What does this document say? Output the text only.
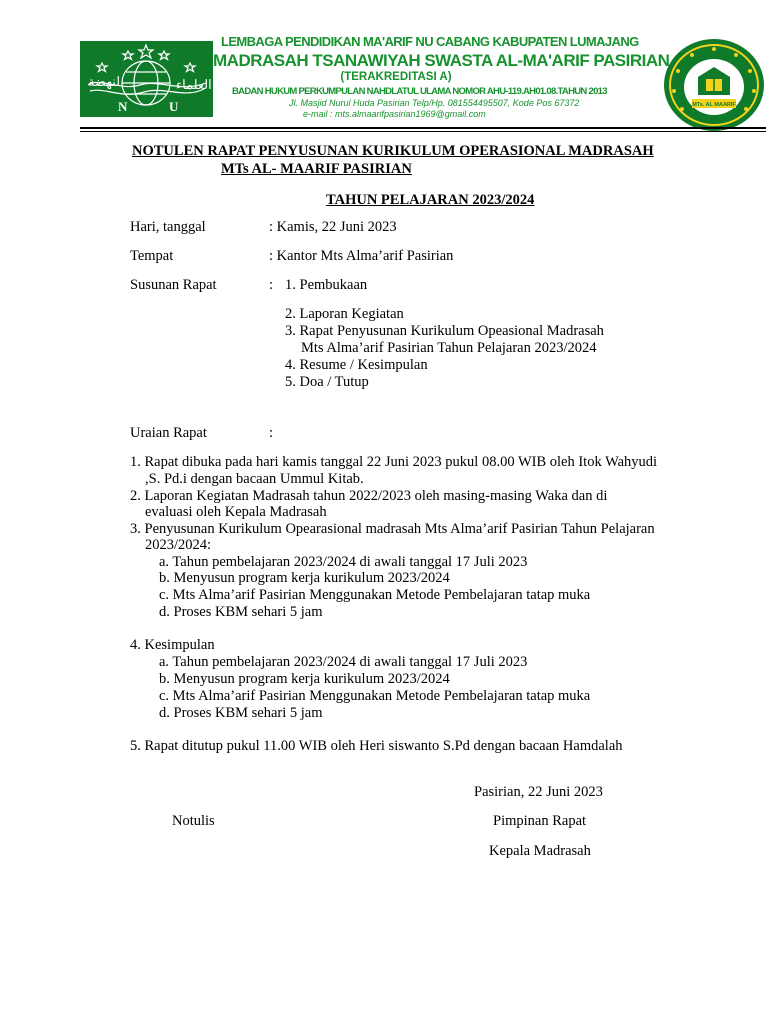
لنهضة	العلماء
N	U
LEMBAGA PENDIDIKAN MA'ARIF NU CABANG KABUPATEN LUMAJANG
MADRASAH TSANAWIYAH SWASTA AL-MA'ARIF PASIRIAN
(TERAKREDITASI A)
BADAN HUKUM PERKUMPULAN NAHDLATUL ULAMA NOMOR AHU-119.AH01.08.TAHUN 2013
Jl. Masjid Nurul Huda Pasirian Telp/Hp. 081554495507, Kode Pos 67372
e-mail : mts.almaarifpasirian1969@gmail.com
MTs. AL MAARIF
NOTULEN RAPAT PENYUSUNAN KURIKULUM OPERASIONAL MADRASAH
MTs AL- MAARIF PASIRIAN
TAHUN PELAJARAN 2023/2024
Hari, tanggal	: Kamis, 22 Juni 2023
Tempat	: Kantor Mts Alma’arif Pasirian
Susunan Rapat	: 1. Pembukaan
2. Laporan Kegiatan
3. Rapat Penyusunan Kurikulum Opeasional Madrasah
Mts Alma’arif Pasirian Tahun Pelajaran 2023/2024
4. Resume / Kesimpulan
5. Doa / Tutup
Uraian Rapat	:
1. Rapat dibuka pada hari kamis tanggal 22 Juni 2023 pukul 08.00 WIB oleh Itok Wahyudi
,S. Pd.i dengan bacaan Ummul Kitab.
2. Laporan Kegiatan Madrasah tahun 2022/2023 oleh masing-masing Waka dan di
evaluasi oleh Kepala Madrasah
3. Penyusunan Kurikulum Opearasional madrasah Mts Alma’arif Pasirian Tahun Pelajaran
2023/2024:
a. Tahun pembelajaran 2023/2024 di awali tanggal 17 Juli 2023
b. Menyusun program kerja kurikulum 2023/2024
c. Mts Alma’arif Pasirian Menggunakan Metode Pembelajaran tatap muka
d. Proses KBM sehari 5 jam
4. Kesimpulan
a. Tahun pembelajaran 2023/2024 di awali tanggal 17 Juli 2023
b. Menyusun program kerja kurikulum 2023/2024
c. Mts Alma’arif Pasirian Menggunakan Metode Pembelajaran tatap muka
d. Proses KBM sehari 5 jam
5. Rapat ditutup pukul 11.00 WIB oleh Heri siswanto S.Pd dengan bacaan Hamdalah
Pasirian, 22 Juni 2023
Notulis	Pimpinan Rapat
Kepala Madrasah
